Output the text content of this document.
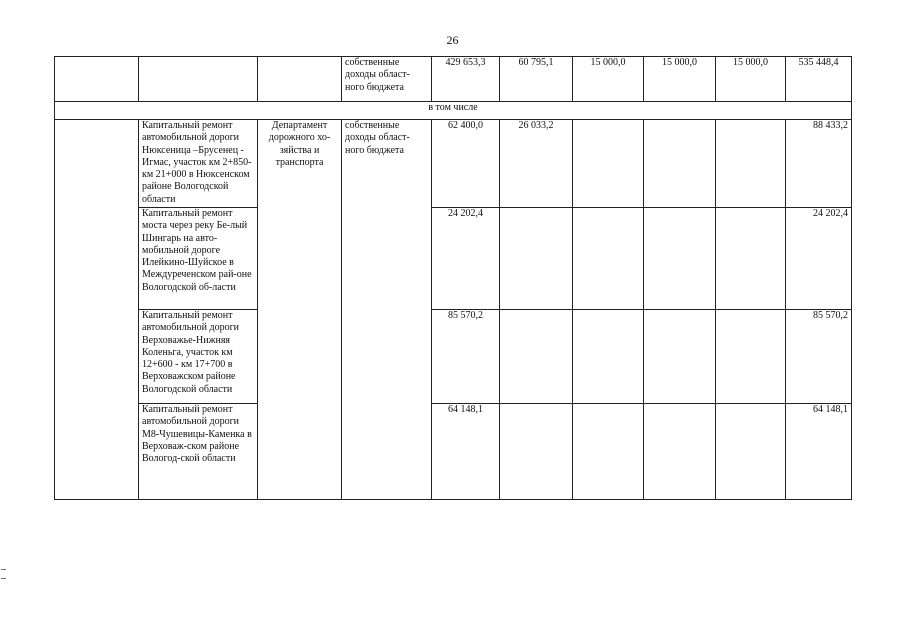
26
			собственные доходы област-ного бюджета	429 653,3	60 795,1	15 000,0	15 000,0	15 000,0	535 448,4
в том числе									
	Капитальный ремонт автомобильной дороги Нюксеница –Брусенец - Игмас, участок км 2+850- км 21+000 в Нюксенском районе Вологодской области	Департамент дорожного хо-зяйства и транспорта	собственные доходы област-ного бюджета	62 400,0	26 033,2				88 433,2
	Капитальный ремонт моста через реку Бе-лый Шингарь на авто-мобильной дороге Илейкино-Шуйское в Междуреченском рай-оне Вологодской об-ласти			24 202,4					24 202,4
	Капитальный ремонт автомобильной дороги Верховажье-Нижняя Коленьга, участок км 12+600 - км 17+700 в Верховажском районе Вологодской области			85 570,2					85 570,2
	Капитальный ремонт автомобильной дороги М8-Чушевицы-Каменка в Верховаж-ском районе Вологод-ской области			64 148,1					64 148,1
